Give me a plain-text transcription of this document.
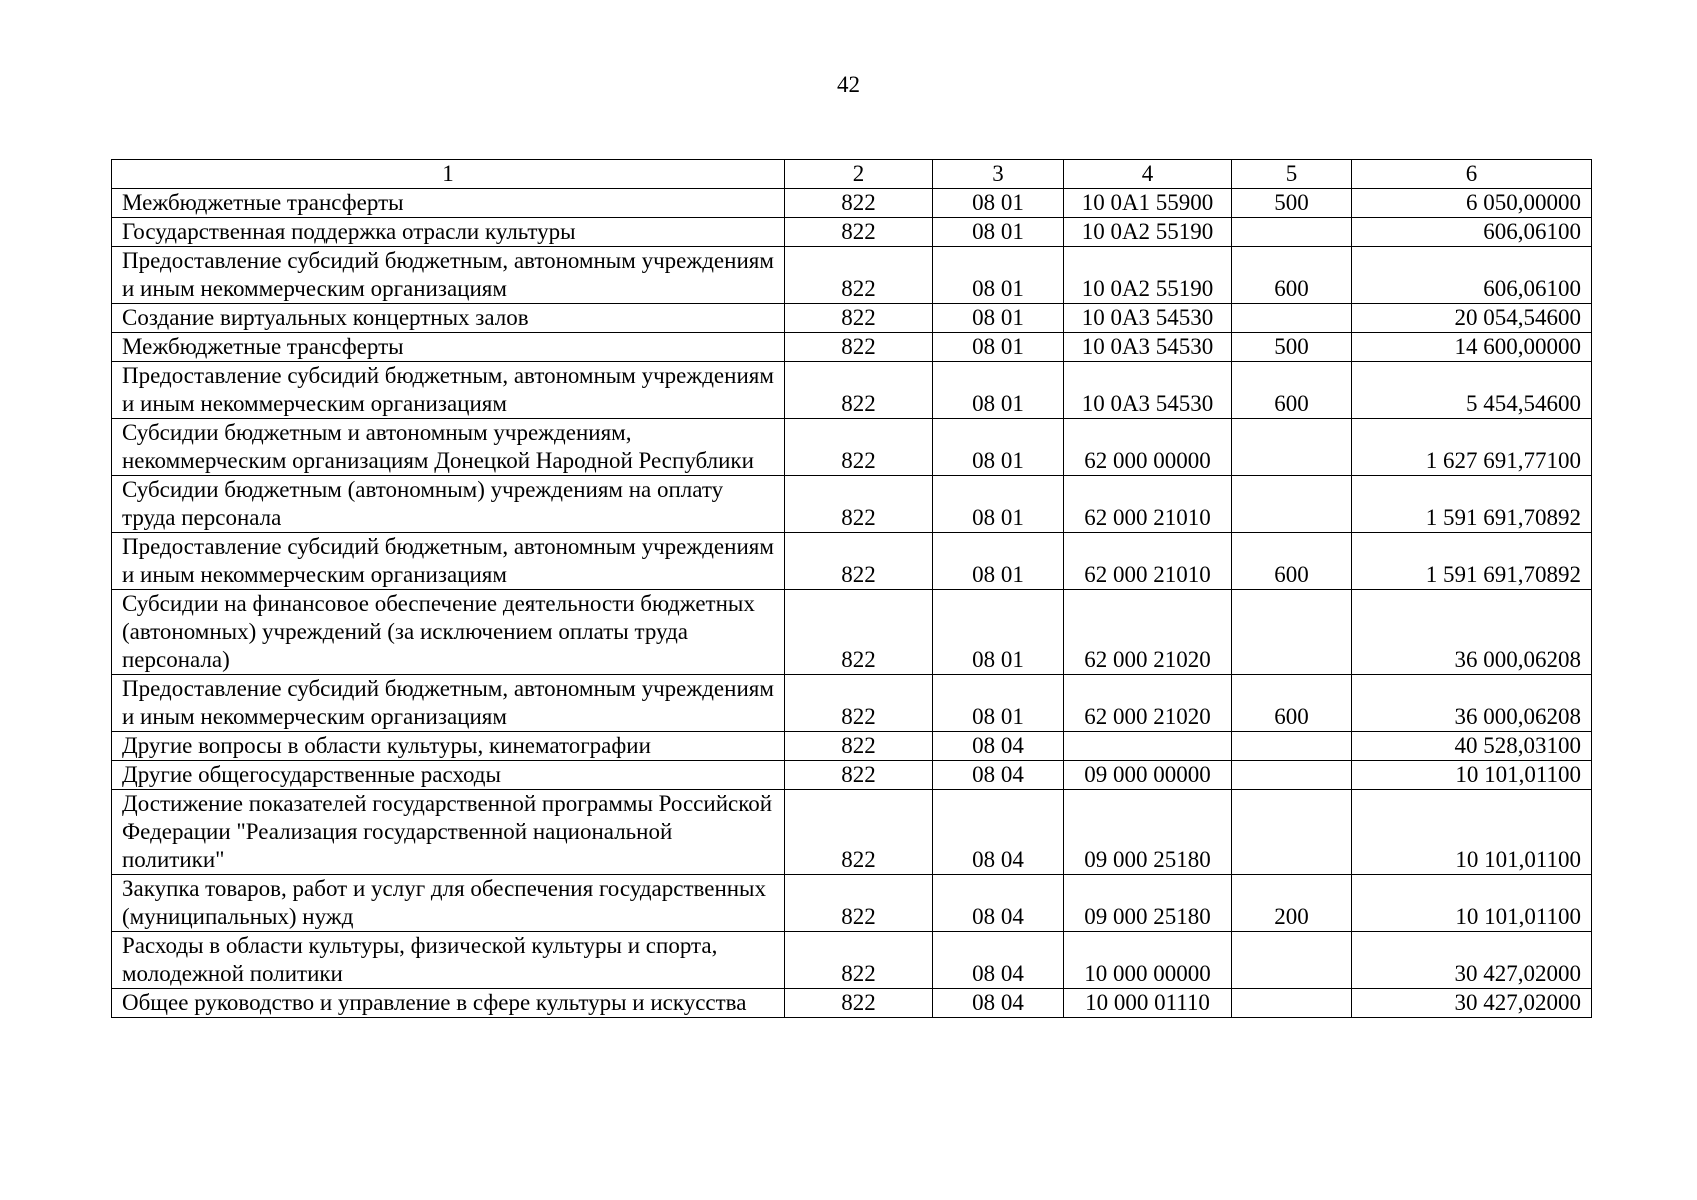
42
1	2	3	4	5	6
Межбюджетные трансферты	822	08 01	10 0А1 55900	500	6 050,00000
Государственная поддержка отрасли культуры	822	08 01	10 0А2 55190		606,06100
Предоставление субсидий бюджетным, автономным учреждениям и иным некоммерческим организациям	822	08 01	10 0А2 55190	600	606,06100
Создание виртуальных концертных залов	822	08 01	10 0А3 54530		20 054,54600
Межбюджетные трансферты	822	08 01	10 0А3 54530	500	14 600,00000
Предоставление субсидий бюджетным, автономным учреждениям и иным некоммерческим организациям	822	08 01	10 0А3 54530	600	5 454,54600
Субсидии бюджетным и автономным учреждениям, некоммерческим организациям Донецкой Народной Республики	822	08 01	62 000 00000		1 627 691,77100
Субсидии бюджетным (автономным) учреждениям на оплату труда персонала	822	08 01	62 000 21010		1 591 691,70892
Предоставление субсидий бюджетным, автономным учреждениям и иным некоммерческим организациям	822	08 01	62 000 21010	600	1 591 691,70892
Субсидии на финансовое обеспечение деятельности бюджетных (автономных) учреждений (за исключением оплаты труда персонала)	822	08 01	62 000 21020		36 000,06208
Предоставление субсидий бюджетным, автономным учреждениям и иным некоммерческим организациям	822	08 01	62 000 21020	600	36 000,06208
Другие вопросы в области культуры, кинематографии	822	08 04			40 528,03100
Другие общегосударственные расходы	822	08 04	09 000 00000		10 101,01100
Достижение показателей государственной программы Российской Федерации "Реализация государственной национальной политики"	822	08 04	09 000 25180		10 101,01100
Закупка товаров, работ и услуг для обеспечения государственных (муниципальных) нужд	822	08 04	09 000 25180	200	10 101,01100
Расходы в области культуры, физической культуры и спорта, молодежной политики	822	08 04	10 000 00000		30 427,02000
Общее руководство и управление в сфере культуры и искусства	822	08 04	10 000 01110		30 427,02000
